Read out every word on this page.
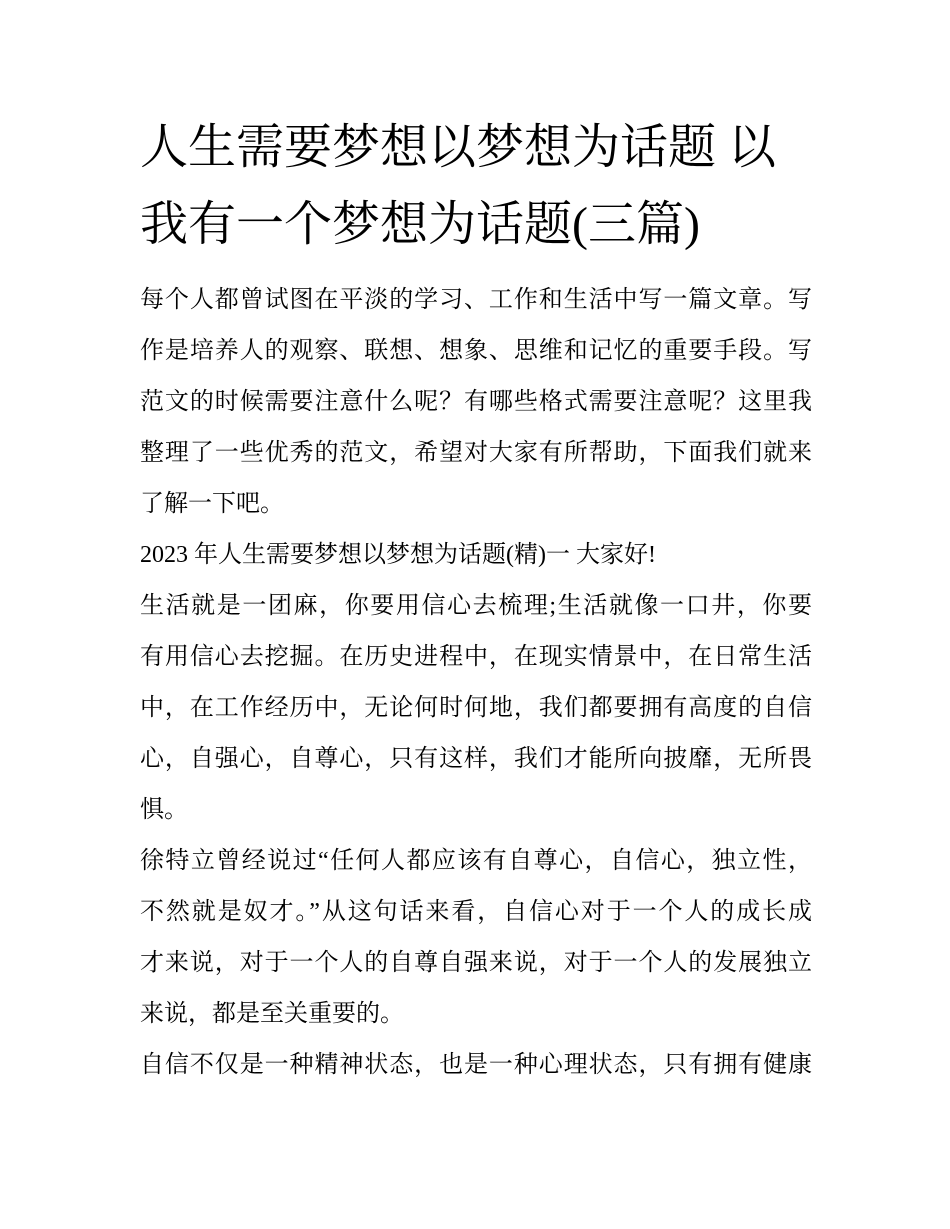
人生需要梦想以梦想为话题 以
我有一个梦想为话题(三篇)
每个人都曾试图在平淡的学习、工作和生活中写一篇文章。写
作是培养人的观察、联想、想象、思维和记忆的重要手段。写
范文的时候需要注意什么呢？有哪些格式需要注意呢？这里我
整理了一些优秀的范文，希望对大家有所帮助，下面我们就来
了解一下吧。
2023 年人生需要梦想以梦想为话题(精)一 大家好!
生活就是一团麻，你要用信心去梳理;生活就像一口井，你要
有用信心去挖掘。在历史进程中，在现实情景中，在日常生活
中，在工作经历中，无论何时何地，我们都要拥有高度的自信
心，自强心，自尊心，只有这样，我们才能所向披靡，无所畏
惧。
徐特立曾经说过“任何人都应该有自尊心，自信心，独立性，
不然就是奴才。”从这句话来看，自信心对于一个人的成长成
才来说，对于一个人的自尊自强来说，对于一个人的发展独立
来说，都是至关重要的。
自信不仅是一种精神状态，也是一种心理状态，只有拥有健康
